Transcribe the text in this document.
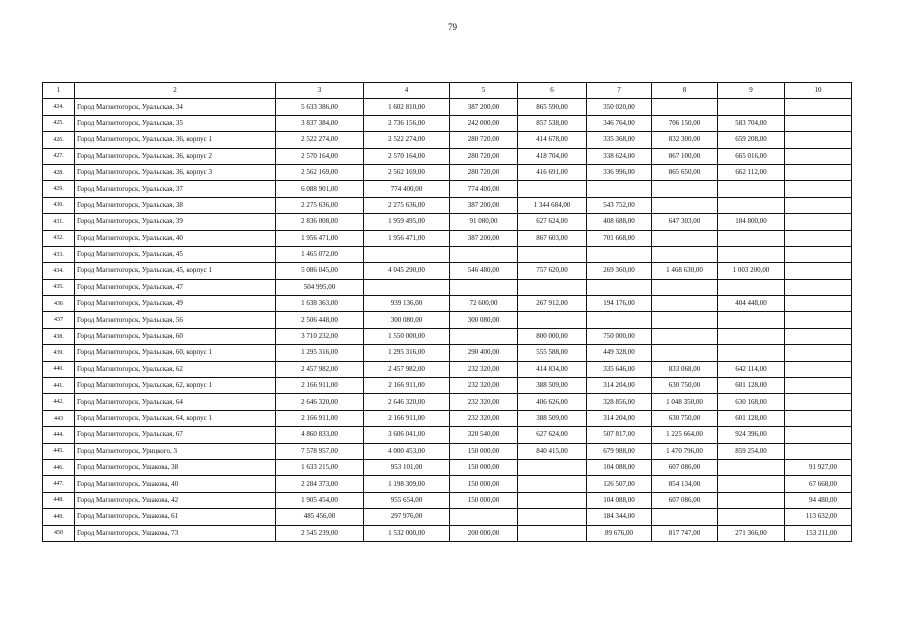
79
1	2	3	4	5	6	7	8	9	10
424.	Город Магнитогорск, Уральская, 34	5 633 386,00	1 602 810,00	387 200,00	865 590,00	350 020,00			
425.	Город Магнитогорск, Уральская, 35	3 837 384,00	2 736 156,00	242 000,00	857 538,00	346 764,00	706 150,00	583 704,00	
426.	Город Магнитогорск, Уральская, 36, корпус 1	2 522 274,00	2 522 274,00	280 720,00	414 678,00	335 368,00	832 300,00	659 208,00	
427.	Город Магнитогорск, Уральская, 36, корпус 2	2 570 164,00	2 570 164,00	280 720,00	418 704,00	338 624,00	867 100,00	665 016,00	
428.	Город Магнитогорск, Уральская, 36, корпус 3	2 562 169,00	2 562 169,00	280 720,00	416 691,00	336 996,00	865 650,00	662 112,00	
429.	Город Магнитогорск, Уральская, 37	6 088 901,00	774 400,00	774 400,00					
430.	Город Магнитогорск, Уральская, 38	2 275 636,00	2 275 636,00	387 200,00	1 344 684,00	543 752,00			
431.	Город Магнитогорск, Уральская, 39	2 836 008,00	1 959 495,00	91 080,00	627 624,00	408 688,00	647 303,00	184 800,00	
432.	Город Магнитогорск, Уральская, 40	1 956 471,00	1 956 471,00	387 200,00	867 603,00	701 668,00			
433.	Город Магнитогорск, Уральская, 45	1 465 072,00							
434.	Город Магнитогорск, Уральская, 45, корпус 1	5 086 045,00	4 045 290,00	546 480,00	757 620,00	269 360,00	1 468 630,00	1 003 200,00	
435.	Город Магнитогорск, Уральская, 47	504 995,00							
436	Город Магнитогорск, Уральская, 49	1 638 363,00	939 136,00	72 600,00	267 912,00	194 176,00		404 448,00	
437	Город Магнитогорск, Уральская, 56	2 506 448,00	300 080,00	300 080,00					
438.	Город Магнитогорск, Уральская, 60	3 710 232,00	1 550 000,00		800 000,00	750 000,00			
439.	Город Магнитогорск, Уральская, 60, корпус 1	1 295 316,00	1 295 316,00	290 400,00	555 588,00	449 328,00			
440.	Город Магнитогорск, Уральская, 62	2 457 982,00	2 457 982,00	232 320,00	414 834,00	335 646,00	833 068,00	642 114,00	
441.	Город Магнитогорск, Уральская, 62, корпус 1	2 166 911,00	2 166 911,00	232 320,00	388 509,00	314 204,00	630 750,00	601 128,00	
442.	Город Магнитогорск, Уральская, 64	2 646 320,00	2 646 320,00	232 320,00	406 626,00	328 856,00	1 048 350,00	630 168,00	
443	Город Магнитогорск, Уральская, 64, корпус 1	2 166 911,00	2 166 911,00	232 320,00	388 509,00	314 204,00	630 750,00	601 128,00	
444.	Город Магнитогорск, Уральская, 67	4 860 833,00	3 606 041,00	320 540,00	627 624,00	507 817,00	1 225 664,00	924 396,00	
445.	Город Магнитогорск, Урицкого, 3	7 578 957,00	4 000 453,00	150 000,00	840 415,00	679 988,00	1 470 796,00	859 254,00	
446.	Город Магнитогорск, Ушакова, 38	1 633 215,00	953 101,00	150 000,00		104 088,00	607 086,00		91 927,00
447.	Город Магнитогорск, Ушакова, 40	2 284 373,00	1 198 309,00	150 000,00		126 507,00	854 134,00		67 668,00
448.	Город Магнитогорск, Ушакова, 42	1 905 454,00	955 654,00	150 000,00		104 088,00	607 086,00		94 480,00
449.	Город Магнитогорск, Ушакова, 61	485 456,00	297 976,00			184 344,00			113 632,00
450	Город Магнитогорск, Ушакова, 73	2 545 239,00	1 532 000,00	200 000,00		89 676,00	817 747,00	271 366,00	153 211,00
